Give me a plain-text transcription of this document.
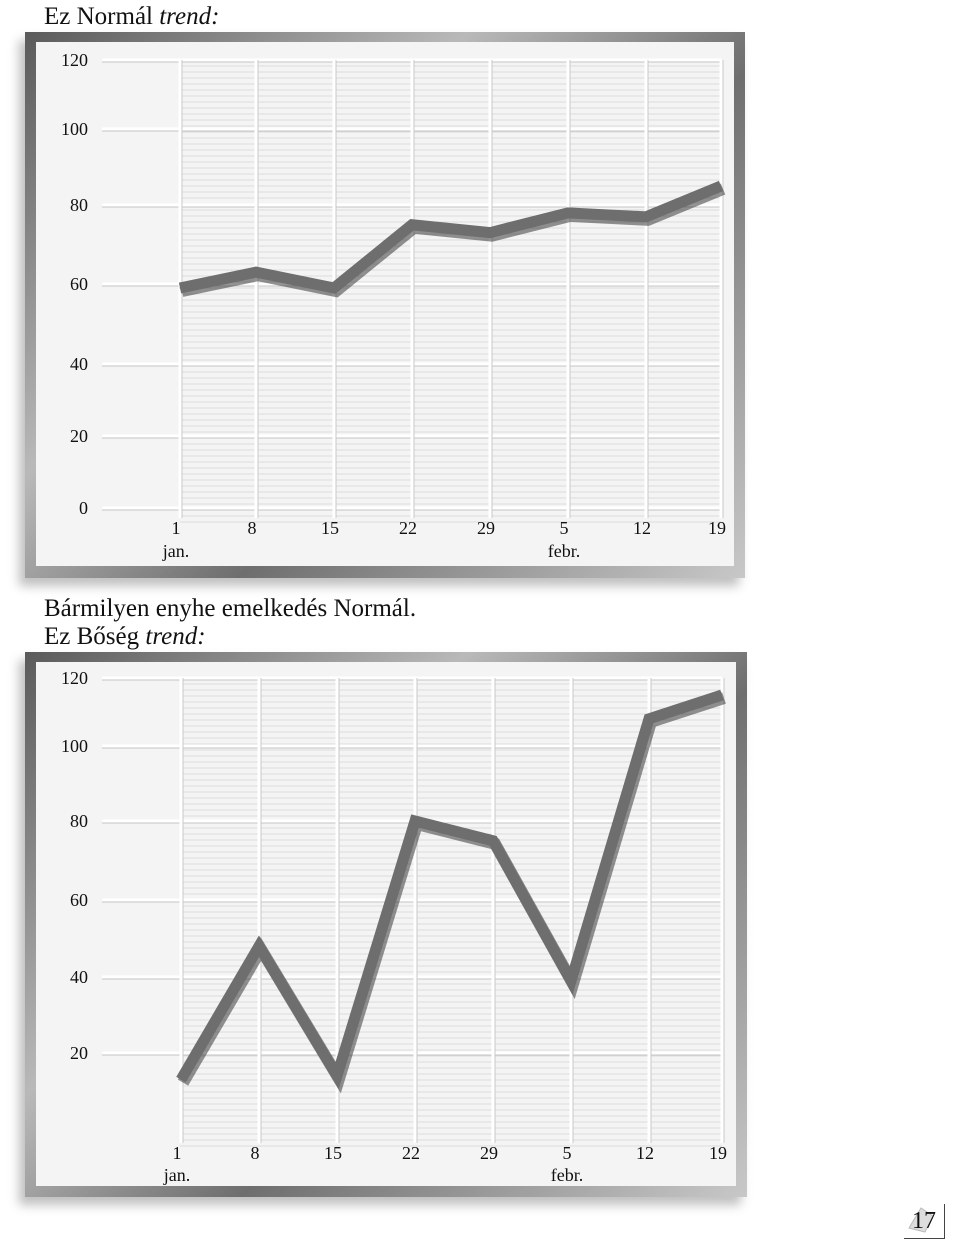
Ez Normál trend:
120
100
80
60
40
20
0
1
jan.
8	15	22	29	5
febr.
12	19
Bármilyen enyhe emelkedés Normál.
Ez Bőség trend:
120
100
80
60
40
20
1
jan.
8	15	22	29	5
febr.
12	19
17
